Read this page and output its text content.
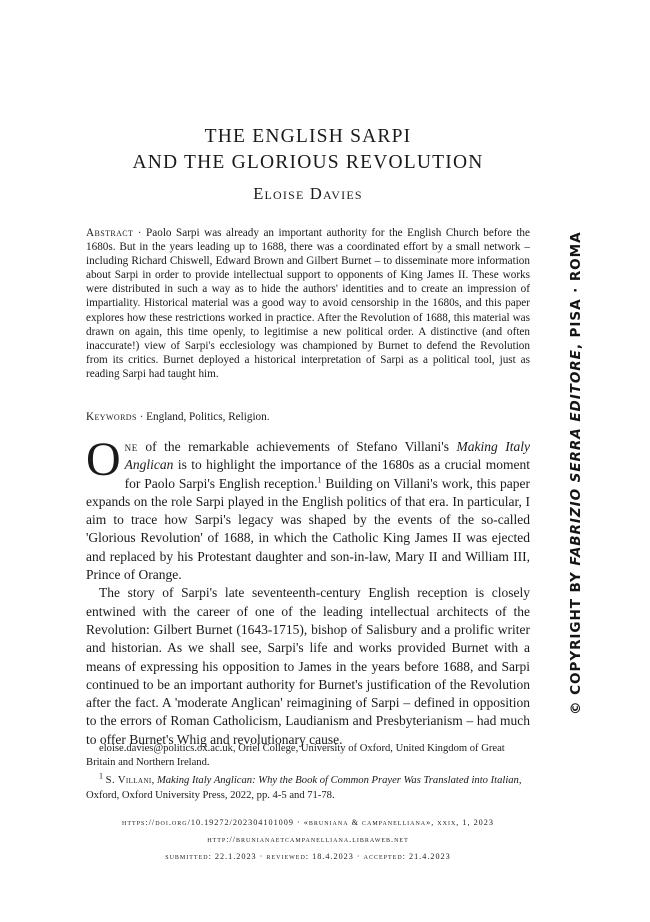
THE ENGLISH SARPI
AND THE GLORIOUS REVOLUTION
Eloise Davies
Abstract · Paolo Sarpi was already an important authority for the English Church before the 1680s. But in the years leading up to 1688, there was a coordinated effort by a small network – including Richard Chiswell, Edward Brown and Gilbert Burnet – to disseminate more information about Sarpi in order to provide intellectual support to opponents of King James II. These works were distributed in such a way as to hide the authors' identities and to create an impression of impartiality. Historical material was a good way to avoid censorship in the 1680s, and this paper explores how these restrictions worked in practice. After the Revolution of 1688, this material was drawn on again, this time openly, to legitimise a new political order. A distinctive (and often inaccurate!) view of Sarpi's ecclesiology was championed by Burnet to defend the Revolution from its critics. Burnet deployed a historical interpretation of Sarpi as a political tool, just as reading Sarpi had taught him.
Keywords · England, Politics, Religion.

One of the remarkable achievements of Stefano Villani's Making Italy Anglican is to highlight the importance of the 1680s as a crucial moment for Paolo Sarpi's English reception.$^1$ Building on Villani's work, this paper expands on the role Sarpi played in the English politics of that era. In particular, I aim to trace how Sarpi's legacy was shaped by the events of the so-called 'Glorious Revolution' of 1688, in which the Catholic King James II was ejected and replaced by his Protestant daughter and son-in-law, Mary II and William III, Prince of Orange.

The story of Sarpi's late seventeenth-century English reception is closely entwined with the career of one of the leading intellectual architects of the Revolution: Gilbert Burnet (1643-1715), bishop of Salisbury and a prolific writer and historian. As we shall see, Sarpi's life and works provided Burnet with a means of expressing his opposition to James in the years before 1688, and Sarpi continued to be an important authority for Burnet's justification of the Revolution after the fact. A 'moderate Anglican' reimagining of Sarpi – defined in opposition to the errors of Roman Catholicism, Laudianism and Presbyterianism – had much to offer Burnet's Whig and revolutionary cause.

eloise.davies@politics.ox.ac.uk, Oriel College, University of Oxford, United Kingdom of Great Britain and Northern Ireland.

$^1$ S. Villani, Making Italy Anglican: Why the Book of Common Prayer Was Translated into Italian, Oxford, Oxford University Press, 2022, pp. 4-5 and 71-78.

https://doi.org/10.19272/202304101009 · «bruniana & campanelliana», xxix, 1, 2023
http://brunianaetcampanelliana.libraweb.net
submitted: 22.1.2023 · reviewed: 18.4.2023 · accepted: 21.4.2023
© COPYRIGHT BY FABRIZIO SERRA EDITORE, PISA · ROMA
